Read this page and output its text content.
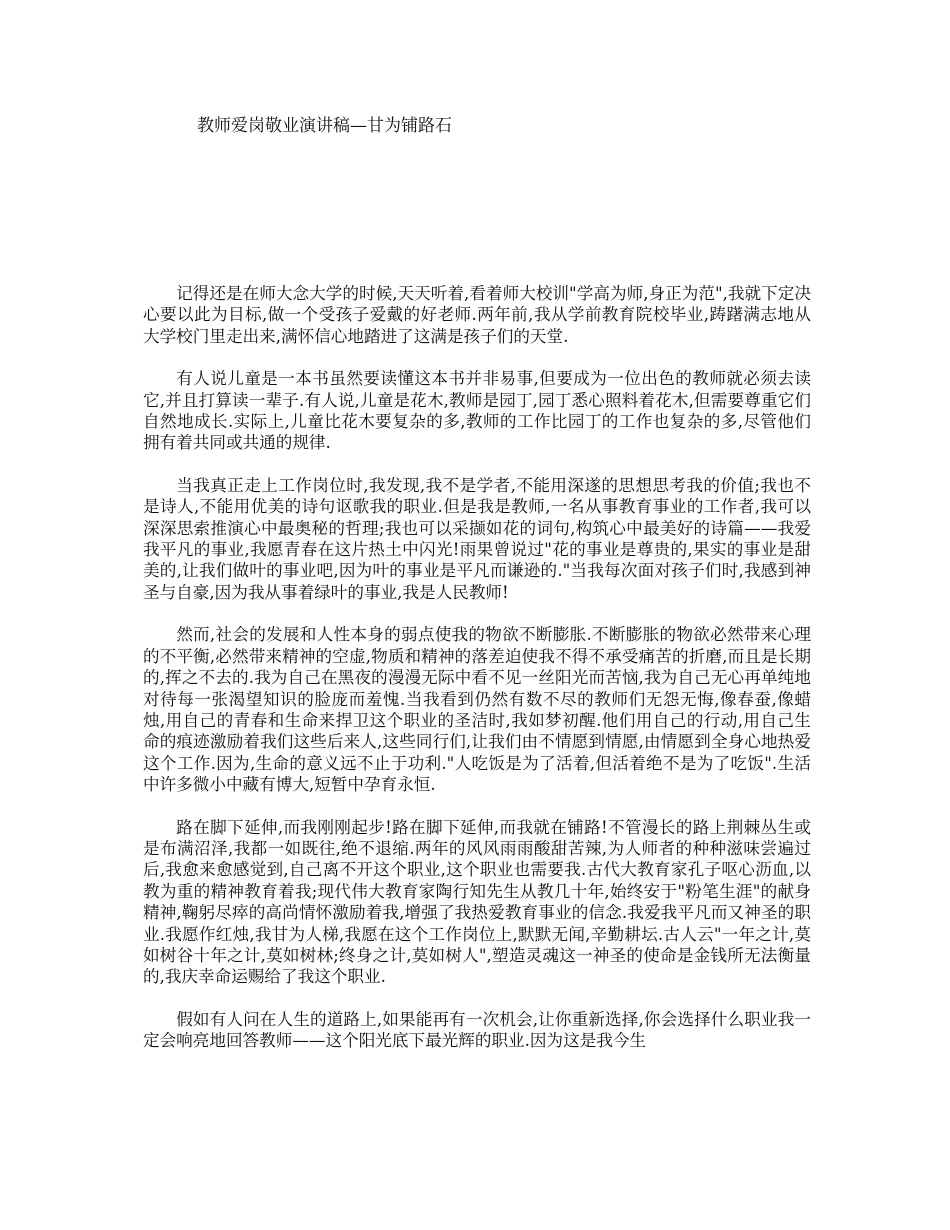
教师爱岗敬业演讲稿—甘为铺路石

记得还是在师大念大学的时候,天天听着,看着师大校训"学高为师,身正为范",我就下定决心要以此为目标,做一个受孩子爱戴的好老师.两年前,我从学前教育院校毕业,踌躇满志地从大学校门里走出来,满怀信心地踏进了这满是孩子们的天堂.

有人说儿童是一本书虽然要读懂这本书并非易事,但要成为一位出色的教师就必须去读它,并且打算读一辈子.有人说,儿童是花木,教师是园丁,园丁悉心照料着花木,但需要尊重它们自然地成长.实际上,儿童比花木要复杂的多,教师的工作比园丁的工作也复杂的多,尽管他们拥有着共同或共通的规律.

当我真正走上工作岗位时,我发现,我不是学者,不能用深遂的思想思考我的价值;我也不是诗人,不能用优美的诗句讴歌我的职业.但是我是教师,一名从事教育事业的工作者,我可以深深思索推演心中最奥秘的哲理;我也可以采撷如花的词句,构筑心中最美好的诗篇——我爱我平凡的事业,我愿青春在这片热土中闪光!雨果曾说过"花的事业是尊贵的,果实的事业是甜美的,让我们做叶的事业吧,因为叶的事业是平凡而谦逊的."当我每次面对孩子们时,我感到神圣与自豪,因为我从事着绿叶的事业,我是人民教师!

然而,社会的发展和人性本身的弱点使我的物欲不断膨胀.不断膨胀的物欲必然带来心理的不平衡,必然带来精神的空虚,物质和精神的落差迫使我不得不承受痛苦的折磨,而且是长期的,挥之不去的.我为自己在黑夜的漫漫无际中看不见一丝阳光而苦恼,我为自己无心再单纯地对待每一张渴望知识的脸庞而羞愧.当我看到仍然有数不尽的教师们无怨无悔,像春蚕,像蜡烛,用自己的青春和生命来捍卫这个职业的圣洁时,我如梦初醒.他们用自己的行动,用自己生命的痕迹激励着我们这些后来人,这些同行们,让我们由不情愿到情愿,由情愿到全身心地热爱这个工作.因为,生命的意义远不止于功利."人吃饭是为了活着,但活着绝不是为了吃饭".生活中许多微小中藏有博大,短暂中孕育永恒.

路在脚下延伸,而我刚刚起步!路在脚下延伸,而我就在铺路!不管漫长的路上荆棘丛生或是布满沼泽,我都一如既往,绝不退缩.两年的风风雨雨酸甜苦辣,为人师者的种种滋味尝遍过后,我愈来愈感觉到,自己离不开这个职业,这个职业也需要我.古代大教育家孔子呕心沥血,以教为重的精神教育着我;现代伟大教育家陶行知先生从教几十年,始终安于"粉笔生涯"的献身精神,鞠躬尽瘁的高尚情怀激励着我,增强了我热爱教育事业的信念.我爱我平凡而又神圣的职业.我愿作红烛,我甘为人梯,我愿在这个工作岗位上,默默无闻,辛勤耕坛.古人云"一年之计,莫如树谷十年之计,莫如树林;终身之计,莫如树人",塑造灵魂这一神圣的使命是金钱所无法衡量的,我庆幸命运赐给了我这个职业.

假如有人问在人生的道路上,如果能再有一次机会,让你重新选择,你会选择什么职业我一定会响亮地回答教师——这个阳光底下最光辉的职业.因为这是我今生
